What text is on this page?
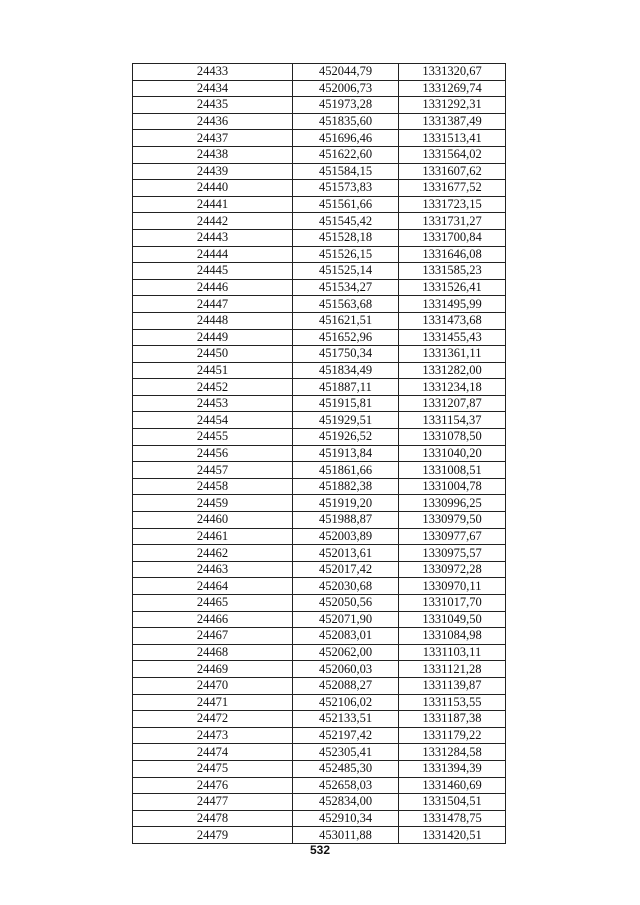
24433	452044,79	1331320,67
24434	452006,73	1331269,74
24435	451973,28	1331292,31
24436	451835,60	1331387,49
24437	451696,46	1331513,41
24438	451622,60	1331564,02
24439	451584,15	1331607,62
24440	451573,83	1331677,52
24441	451561,66	1331723,15
24442	451545,42	1331731,27
24443	451528,18	1331700,84
24444	451526,15	1331646,08
24445	451525,14	1331585,23
24446	451534,27	1331526,41
24447	451563,68	1331495,99
24448	451621,51	1331473,68
24449	451652,96	1331455,43
24450	451750,34	1331361,11
24451	451834,49	1331282,00
24452	451887,11	1331234,18
24453	451915,81	1331207,87
24454	451929,51	1331154,37
24455	451926,52	1331078,50
24456	451913,84	1331040,20
24457	451861,66	1331008,51
24458	451882,38	1331004,78
24459	451919,20	1330996,25
24460	451988,87	1330979,50
24461	452003,89	1330977,67
24462	452013,61	1330975,57
24463	452017,42	1330972,28
24464	452030,68	1330970,11
24465	452050,56	1331017,70
24466	452071,90	1331049,50
24467	452083,01	1331084,98
24468	452062,00	1331103,11
24469	452060,03	1331121,28
24470	452088,27	1331139,87
24471	452106,02	1331153,55
24472	452133,51	1331187,38
24473	452197,42	1331179,22
24474	452305,41	1331284,58
24475	452485,30	1331394,39
24476	452658,03	1331460,69
24477	452834,00	1331504,51
24478	452910,34	1331478,75
24479	453011,88	1331420,51
532
